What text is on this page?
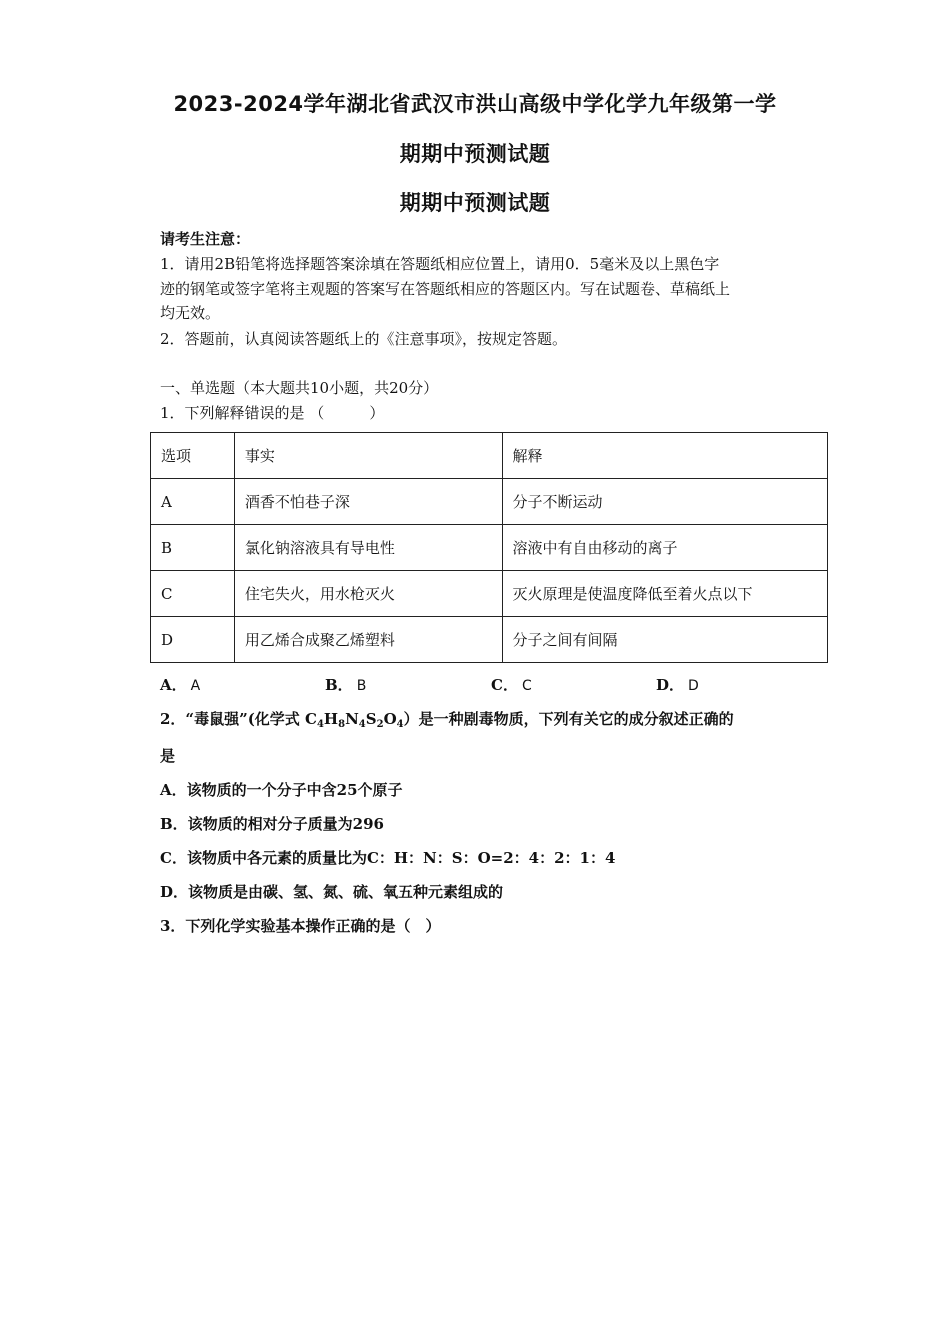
2023-2024学年湖北省武汉市洪山高级中学化学九年级第一学
期期中预测试题
期期中预测试题
请考生注意：
1．请用2B铅笔将选择题答案涂填在答题纸相应位置上，请用0．5毫米及以上黑色字
迹的钢笔或签字笔将主观题的答案写在答题纸相应的答题区内。写在试题卷、草稿纸上
均无效。
2．答题前，认真阅读答题纸上的《注意事项》，按规定答题。
一、单选题（本大题共10小题，共20分）
1．下列解释错误的是 （　　　）
选项	事实	解释
A	酒香不怕巷子深	分子不断运动
B	氯化钠溶液具有导电性	溶液中有自由移动的离子
C	住宅失火，用水枪灭火	灭火原理是使温度降低至着火点以下
D	用乙烯合成聚乙烯塑料	分子之间有间隔
A． A	B． B	C． C	D． D
2．“毒鼠强”(化学式 $C_4H_8N_4S_2O_4$）是一种剧毒物质，下列有关它的成分叙述正确的
是
A．该物质的一个分子中含25个原子
B．该物质的相对分子质量为296
C．该物质中各元素的质量比为C：H：N：S：O=2：4：2：1：4
D．该物质是由碳、氢、氮、硫、氧五种元素组成的
3．下列化学实验基本操作正确的是（　）
